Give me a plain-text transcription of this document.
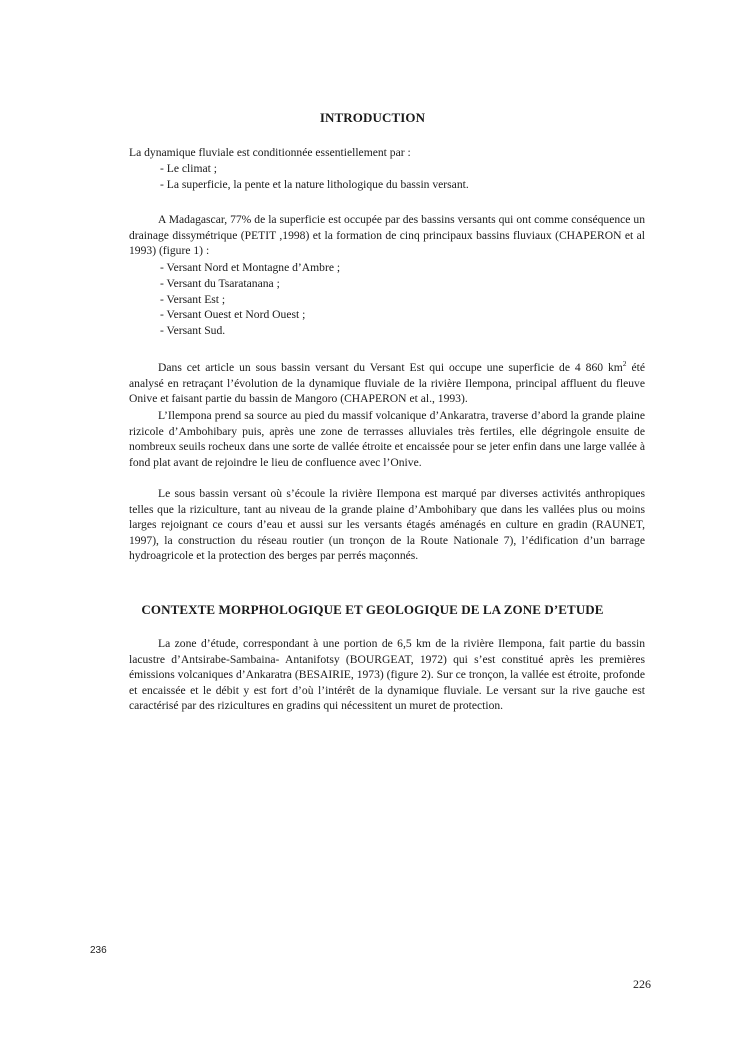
INTRODUCTION

La dynamique fluviale est conditionnée essentiellement par :

- Le climat ;
- La superficie, la pente et la nature lithologique du bassin versant.

A Madagascar, 77% de la superficie est occupée par des bassins versants qui ont comme conséquence un drainage dissymétrique (PETIT ,1998) et la formation de cinq principaux bassins fluviaux (CHAPERON et al 1993) (figure 1) :

- Versant Nord et Montagne d’Ambre ;
- Versant du Tsaratanana ;
- Versant Est ;
- Versant Ouest et Nord Ouest ;
- Versant Sud.

Dans cet article un sous bassin versant du Versant Est qui occupe une superficie de 4 860 $km^2$ été analysé en retraçant l’évolution de la dynamique fluviale de la rivière Ilempona, principal affluent du fleuve Onive et faisant partie du bassin de Mangoro (CHAPERON et al., 1993).

L’Ilempona prend sa source au pied du massif volcanique d’Ankaratra, traverse d’abord la grande plaine rizicole d’Ambohibary puis, après une zone de terrasses alluviales très fertiles, elle dégringole ensuite de nombreux seuils rocheux dans une sorte de vallée étroite et encaissée pour se jeter enfin dans une large vallée à fond plat avant de rejoindre le lieu de confluence avec l’Onive.

Le sous bassin versant où s’écoule la rivière Ilempona est marqué par diverses activités anthropiques telles que la riziculture, tant au niveau de la grande plaine d’Ambohibary que dans les vallées plus ou moins larges rejoignant ce cours d’eau et aussi sur les versants étagés aménagés en culture en gradin (RAUNET, 1997), la construction du réseau routier (un tronçon de la Route Nationale 7), l’édification d’un barrage hydroagricole et la protection des berges par perrés maçonnés.

CONTEXTE MORPHOLOGIQUE ET GEOLOGIQUE DE LA ZONE D’ETUDE

La zone d’étude, correspondant à une portion de 6,5 km de la rivière Ilempona, fait partie du bassin lacustre d’Antsirabe-Sambaina- Antanifotsy (BOURGEAT, 1972) qui s’est constitué après les premières émissions volcaniques d’Ankaratra (BESAIRIE, 1973) (figure 2). Sur ce tronçon, la vallée est étroite, profonde et encaissée et le débit y est fort d’où l’intérêt de la dynamique fluviale. Le versant sur la rive gauche est caractérisé par des rizicultures en gradins qui nécessitent un muret de protection.

236
226
